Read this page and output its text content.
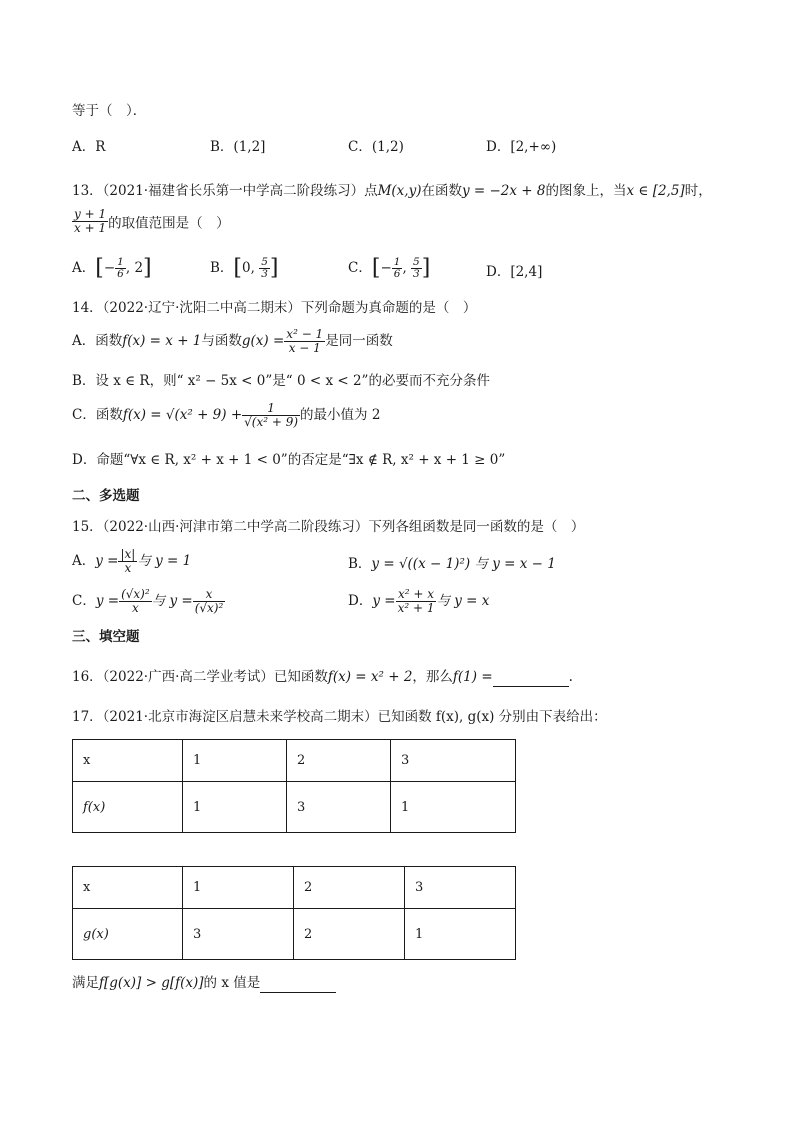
等于（　）．
A．R	B．(1,2]	C．(1,2)	D．[2,+∞)
13．（2021·福建省长乐第一中学高二阶段练习）点M(x,y)在函数y = −2x + 8的图象上，当x ∈ [2,5]时，
$\frac{y + 1}{x + 1}$ 的取值范围是（　）
A．[− $\frac{1}{6}$ , 2]	B．[0, $\frac{5}{3}$ ]	C．[− $\frac{1}{6}$ , $\frac{5}{3}$ ]	D．[2,4]
14．（2022·辽宁·沈阳二中高二期末）下列命题为真命题的是（　）
A．函数f(x) = x + 1与函数$g(x) = \frac{\text{x² − 1}}{x - 1}$ 是同一函数
B．设 x ∈ R，则“ x² − 5x < 0”是“ 0 < x < 2”的必要而不充分条件
C．函数$f(x) = √(x^2 + 9) + \frac{1}{\text{√(x² + 9)}}$ 的最小值为 2
D．命题“∀x ∈ R, x² + x + 1 < 0”的否定是“∃x ∉ R, x² + x + 1 ≥ 0”
二、多选题
15．（2022·山西·河津市第二中学高二阶段练习）下列各组函数是同一函数的是（　）
A．$y = \frac{|x|}{x}$ 与 y = 1	B．y = √((x − 1)²) 与 y = x − 1
C．$y = \frac{\text{(√x)²}}{x}$ 与 $y = \frac{x}{\text{(√x)²}}$	D．$y = \frac{\text{x² + x}}{\text{x² + 1}}$ 与 y = x
三、填空题
16．（2022·广西·高二学业考试）已知函数f(x) = x² + 2，那么f(1) =	.
17．（2021·北京市海淀区启慧未来学校高二期末）已知函数 f(x), g(x) 分别由下表给出：
x	1	2	3
f(x)	1	3	1
x	1	2	3
g(x)	3	2	1
满足f[g(x)] > g[f(x)]的 x 值是
